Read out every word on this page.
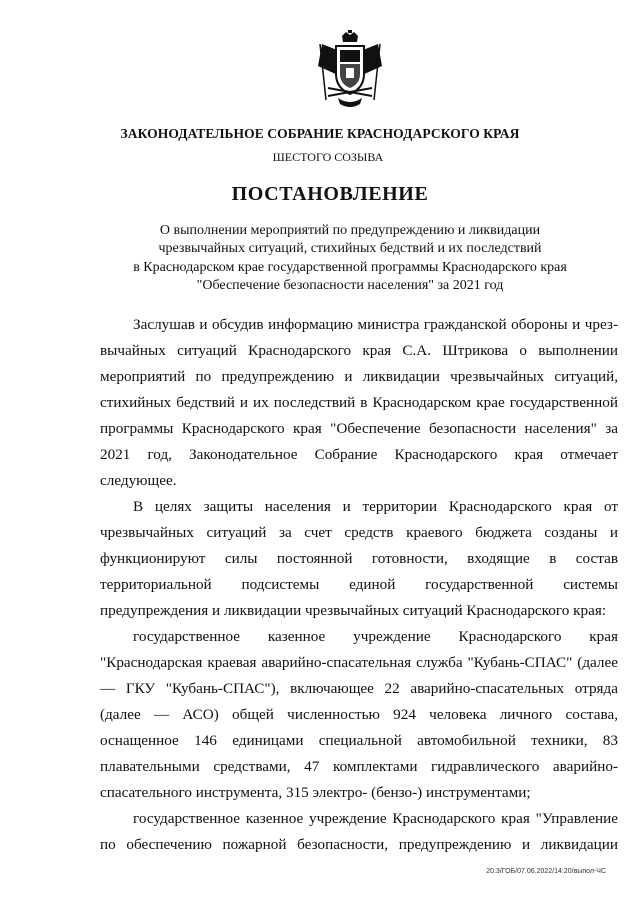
ЗАКОНОДАТЕЛЬНОЕ СОБРАНИЕ КРАСНОДАРСКОГО КРАЯ
ШЕСТОГО СОЗЫВА
ПОСТАНОВЛЕНИЕ
О выполнении мероприятий по предупреждению и ликвидации
чрезвычайных ситуаций, стихийных бедствий и их последствий
в Краснодарском крае государственной программы Краснодарского края
"Обеспечение безопасности населения" за 2021 год
Заслушав и обсудив информацию министра гражданской обороны и чрезвычайных ситуаций Краснодарского края С.А. Штрикова о выполнении мероприятий по предупреждению и ликвидации чрезвычайных ситуаций, стихийных бедствий и их последствий в Краснодарском крае государственной программы Краснодарского края "Обеспечение безопасности населения" за 2021 год, Законодательное Собрание Краснодарского края отмечает следующее.
В целях защиты населения и территории Краснодарского края от чрезвычайных ситуаций за счет средств краевого бюджета созданы и функционируют силы постоянной готовности, входящие в состав территориальной подсистемы единой государственной системы предупреждения и ликвидации чрезвычайных ситуаций Краснодарского края:
государственное казенное учреждение Краснодарского края "Краснодарская краевая аварийно-спасательная служба "Кубань-СПАС" (далее — ГКУ "Кубань-СПАС"), включающее 22 аварийно-спасательных отряда (далее — АСО) общей численностью 924 человека личного состава, оснащенное 146 единицами специальной автомобильной техники, 83 плавательными средствами, 47 комплектами гидравлического аварийно-спасательного инструмента, 315 электро- (бензо-) инструментами;
государственное казенное учреждение Краснодарского края "Управление по обеспечению пожарной безопасности, предупреждению и ликвидации
20.3/ГОБ/07.06.2022/14:20/выпол-ЧС
